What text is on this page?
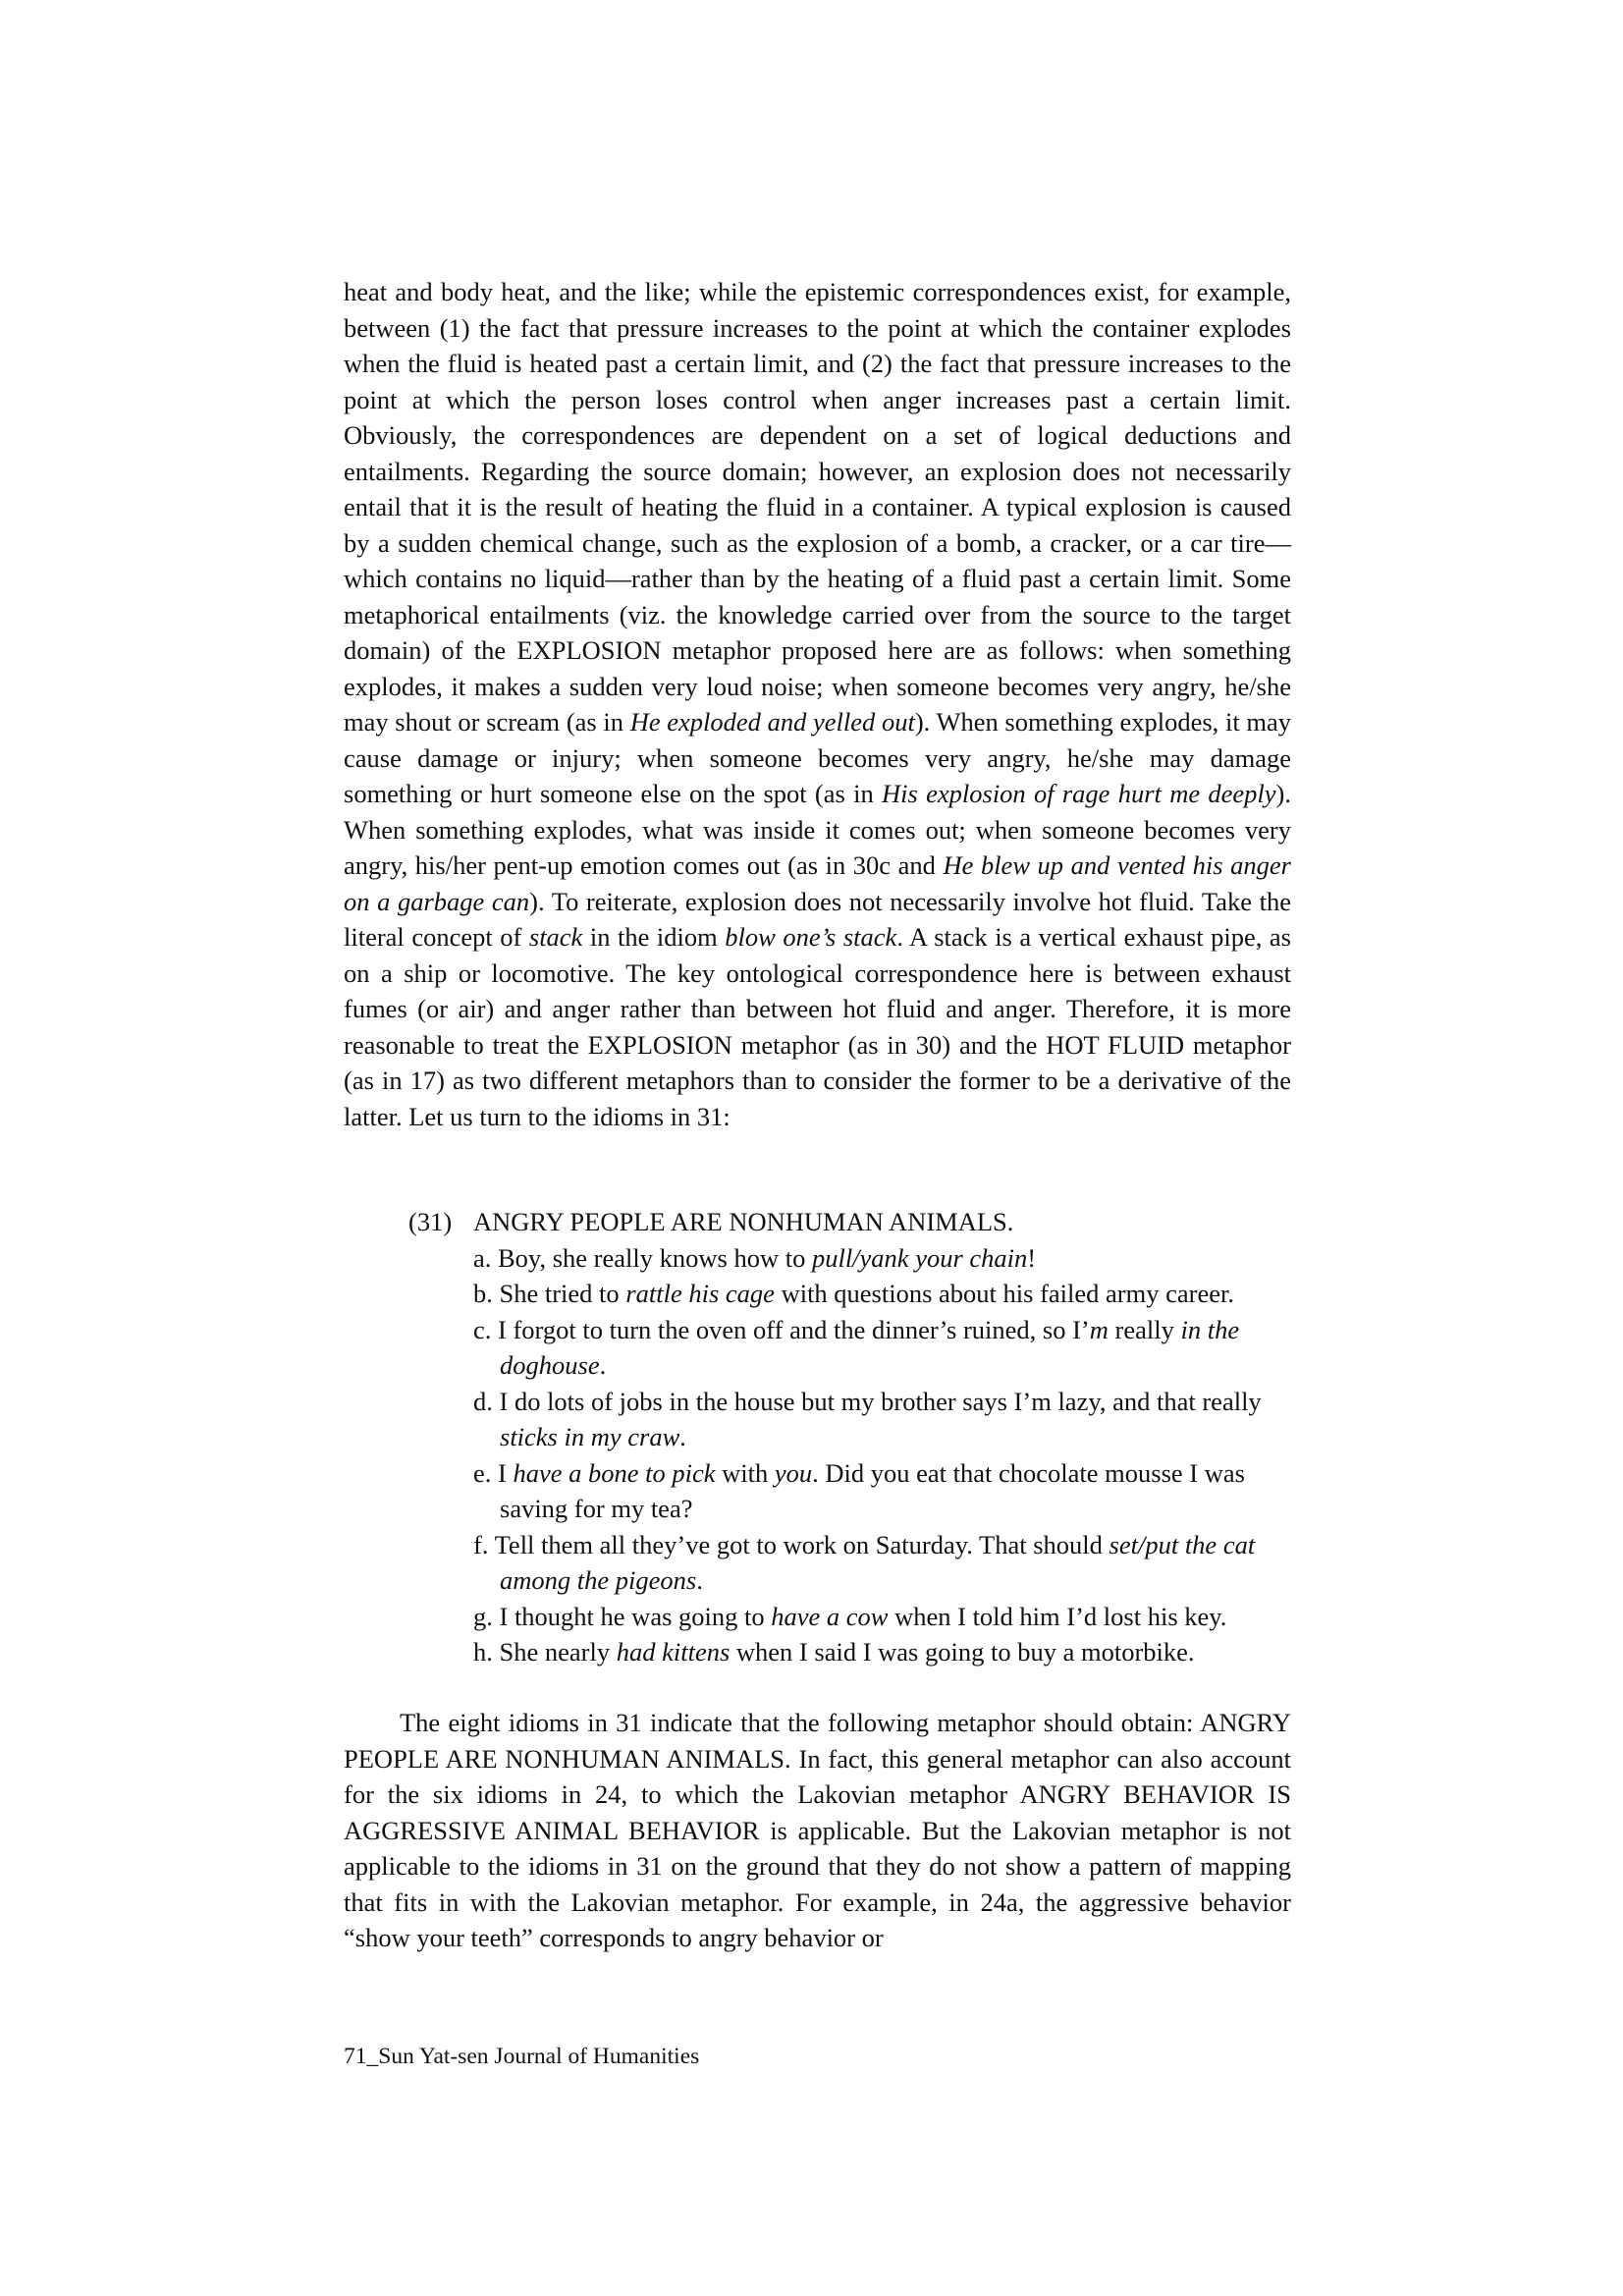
heat and body heat, and the like; while the epistemic correspondences exist, for example, between (1) the fact that pressure increases to the point at which the container explodes when the fluid is heated past a certain limit, and (2) the fact that pressure increases to the point at which the person loses control when anger increases past a certain limit. Obviously, the correspondences are dependent on a set of logical deductions and entailments. Regarding the source domain; however, an explosion does not necessarily entail that it is the result of heating the fluid in a container. A typical explosion is caused by a sudden chemical change, such as the explosion of a bomb, a cracker, or a car tire—which contains no liquid—rather than by the heating of a fluid past a certain limit. Some metaphorical entailments (viz. the knowledge carried over from the source to the target domain) of the EXPLOSION metaphor proposed here are as follows: when something explodes, it makes a sudden very loud noise; when someone becomes very angry, he/she may shout or scream (as in He exploded and yelled out). When something explodes, it may cause damage or injury; when someone becomes very angry, he/she may damage something or hurt someone else on the spot (as in His explosion of rage hurt me deeply). When something explodes, what was inside it comes out; when someone becomes very angry, his/her pent-up emotion comes out (as in 30c and He blew up and vented his anger on a garbage can). To reiterate, explosion does not necessarily involve hot fluid. Take the literal concept of stack in the idiom blow one’s stack. A stack is a vertical exhaust pipe, as on a ship or locomotive. The key ontological correspondence here is between exhaust fumes (or air) and anger rather than between hot fluid and anger. Therefore, it is more reasonable to treat the EXPLOSION metaphor (as in 30) and the HOT FLUID metaphor (as in 17) as two different metaphors than to consider the former to be a derivative of the latter. Let us turn to the idioms in 31:

(31) ANGRY PEOPLE ARE NONHUMAN ANIMALS.
a. Boy, she really knows how to pull/yank your chain!
b. She tried to rattle his cage with questions about his failed army career.
c. I forgot to turn the oven off and the dinner’s ruined, so I’m really in the doghouse.
d. I do lots of jobs in the house but my brother says I’m lazy, and that really sticks in my craw.
e. I have a bone to pick with you. Did you eat that chocolate mousse I was saving for my tea?
f. Tell them all they’ve got to work on Saturday. That should set/put the cat among the pigeons.
g. I thought he was going to have a cow when I told him I’d lost his key.
h. She nearly had kittens when I said I was going to buy a motorbike.

The eight idioms in 31 indicate that the following metaphor should obtain: ANGRY PEOPLE ARE NONHUMAN ANIMALS. In fact, this general metaphor can also account for the six idioms in 24, to which the Lakovian metaphor ANGRY BEHAVIOR IS AGGRESSIVE ANIMAL BEHAVIOR is applicable. But the Lakovian metaphor is not applicable to the idioms in 31 on the ground that they do not show a pattern of mapping that fits in with the Lakovian metaphor. For example, in 24a, the aggressive behavior “show your teeth” corresponds to angry behavior or

71_Sun Yat-sen Journal of Humanities
